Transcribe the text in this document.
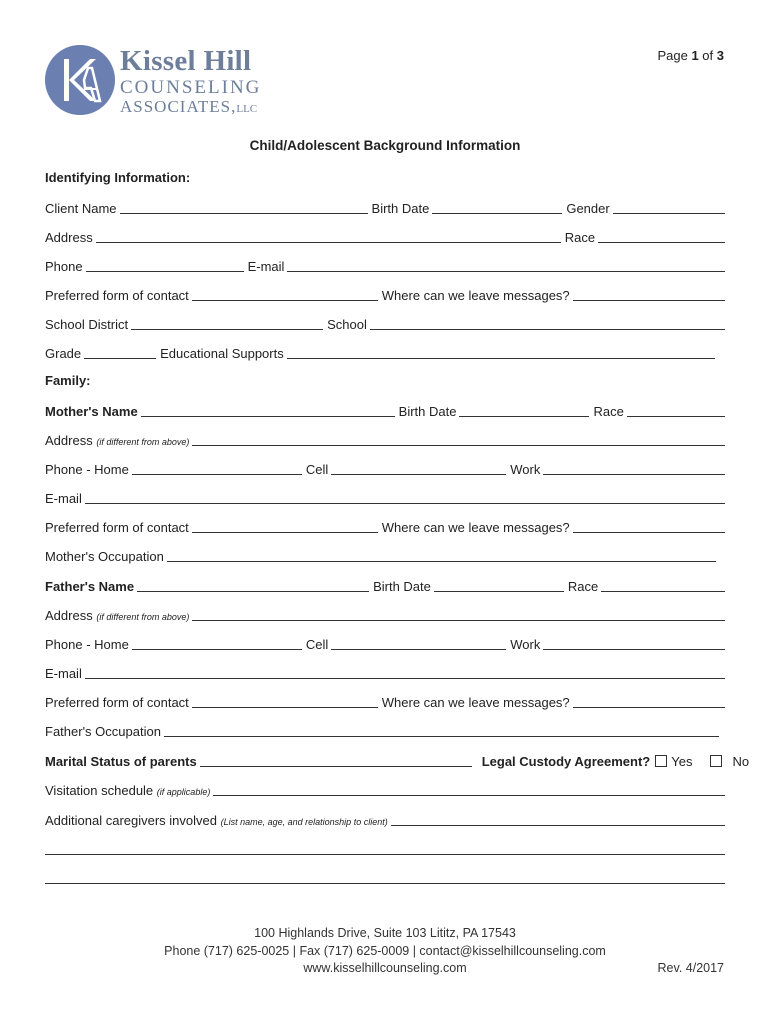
Kissel Hill
COUNSELING
ASSOCIATES,LLC
Page 1 of 3
Child/Adolescent Background Information
Identifying Information:
Client Name	Birth Date	Gender
Address	Race
Phone	E-mail
Preferred form of contact	Where can we leave messages?
School District	School
Grade	Educational Supports
Family:
Mother's Name	Birth Date	Race
Address (if different from above)
Phone - Home	Cell	Work
E-mail
Preferred form of contact	Where can we leave messages?
Mother's Occupation
Father's Name	Birth Date	Race
Address (if different from above)
Phone - Home	Cell	Work
E-mail
Preferred form of contact	Where can we leave messages?
Father's Occupation
Marital Status of parents	Legal Custody Agreement? Yes	No
Visitation schedule (if applicable)
Additional caregivers involved (List name, age, and relationship to client)
100 Highlands Drive, Suite 103 Lititz, PA 17543
Phone (717) 625-0025 | Fax (717) 625-0009 | contact@kisselhillcounseling.com
www.kisselhillcounseling.com	Rev. 4/2017
